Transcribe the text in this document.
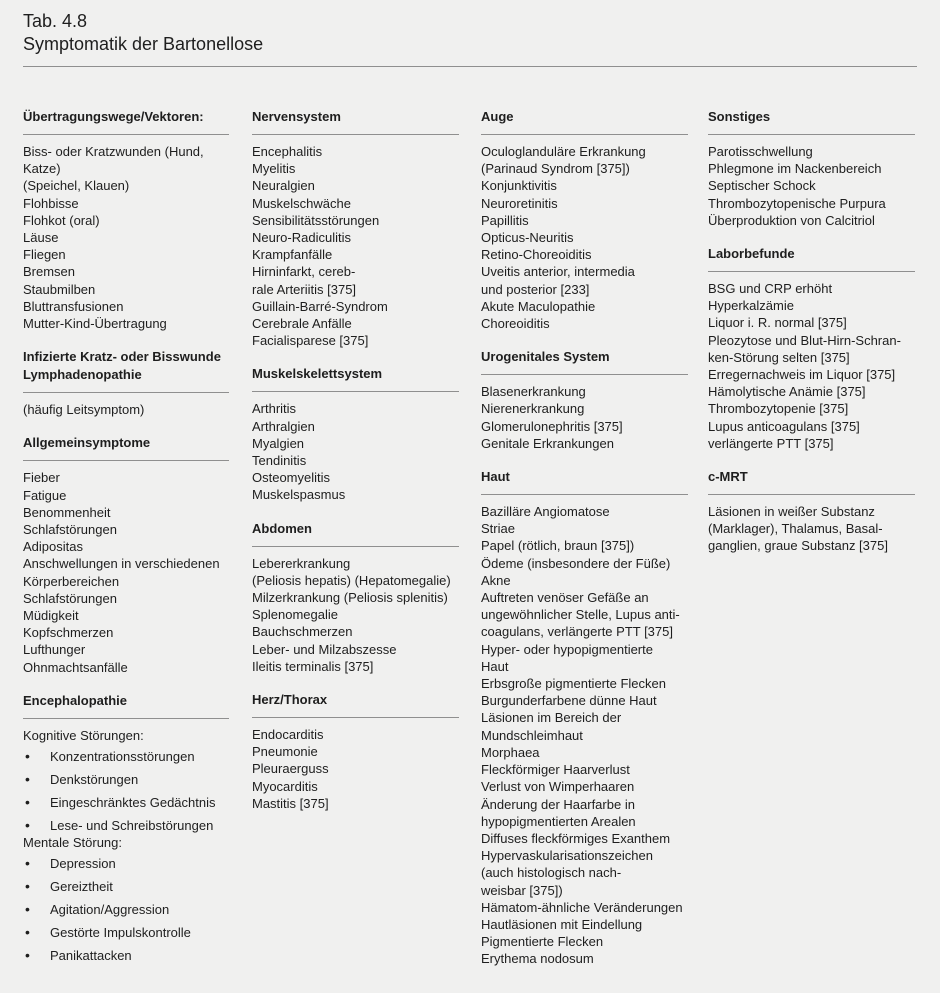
Tab. 4.8
Symptomatik der Bartonellose
Übertragungswege/Vektoren:
Biss- oder Kratzwunden (Hund,
Katze)
(Speichel, Klauen)
Flohbisse
Flohkot (oral)
Läuse
Fliegen
Bremsen
Staubmilben
Bluttransfusionen
Mutter-Kind-Übertragung
Infizierte Kratz- oder Bisswunde
Lymphadenopathie
(häufig Leitsymptom)
Allgemeinsymptome
Fieber
Fatigue
Benommenheit
Schlafstörungen
Adipositas
Anschwellungen in verschiedenen
Körperbereichen
Schlafstörungen
Müdigkeit
Kopfschmerzen
Lufthunger
Ohnmachtsanfälle
Encephalopathie
Kognitive Störungen:
• Konzentrationsstörungen
• Denkstörungen
• Eingeschränktes Gedächtnis
• Lese- und Schreibstörungen
Mentale Störung:
• Depression
• Gereiztheit
• Agitation/Aggression
• Gestörte Impulskontrolle
• Panikattacken
Nervensystem
Encephalitis
Myelitis
Neuralgien
Muskelschwäche
Sensibilitätsstörungen
Neuro-Radiculitis
Krampfanfälle
Hirninfarkt, cereb-
rale Arteriitis [375]
Guillain-Barré-Syndrom
Cerebrale Anfälle
Facialisparese [375]
Muskelskelettsystem
Arthritis
Arthralgien
Myalgien
Tendinitis
Osteomyelitis
Muskelspasmus
Abdomen
Lebererkrankung
(Peliosis hepatis) (Hepatomegalie)
Milzerkrankung (Peliosis splenitis)
Splenomegalie
Bauchschmerzen
Leber- und Milzabszesse
Ileitis terminalis [375]
Herz/Thorax
Endocarditis
Pneumonie
Pleuraerguss
Myocarditis
Mastitis [375]
Auge
Oculoglanduläre Erkrankung
(Parinaud Syndrom [375])
Konjunktivitis
Neuroretinitis
Papillitis
Opticus-Neuritis
Retino-Choreoiditis
Uveitis anterior, intermedia
und posterior [233]
Akute Maculopathie
Choreoiditis
Urogenitales System
Blasenerkrankung
Nierenerkrankung
Glomerulonephritis [375]
Genitale Erkrankungen
Haut
Bazilläre Angiomatose
Striae
Papel (rötlich, braun [375])
Ödeme (insbesondere der Füße)
Akne
Auftreten venöser Gefäße an
ungewöhnlicher Stelle, Lupus anti-
coagulans, verlängerte PTT [375]
Hyper- oder hypopigmentierte
Haut
Erbsgroße pigmentierte Flecken
Burgunderfarbene dünne Haut
Läsionen im Bereich der
Mundschleimhaut
Morphaea
Fleckförmiger Haarverlust
Verlust von Wimperhaaren
Änderung der Haarfarbe in
hypopigmentierten Arealen
Diffuses fleckförmiges Exanthem
Hypervaskularisationszeichen
(auch histologisch nach-
weisbar [375])
Hämatom-ähnliche Veränderungen
Hautläsionen mit Eindellung
Pigmentierte Flecken
Erythema nodosum
Sonstiges
Parotisschwellung
Phlegmone im Nackenbereich
Septischer Schock
Thrombozytopenische Purpura
Überproduktion von Calcitriol
Laborbefunde
BSG und CRP erhöht
Hyperkalzämie
Liquor i. R. normal [375]
Pleozytose und Blut-Hirn-Schran-
ken-Störung selten [375]
Erregernachweis im Liquor [375]
Hämolytische Anämie [375]
Thrombozytopenie [375]
Lupus anticoagulans [375]
verlängerte PTT [375]
c-MRT
Läsionen in weißer Substanz
(Marklager), Thalamus, Basal-
ganglien, graue Substanz [375]
